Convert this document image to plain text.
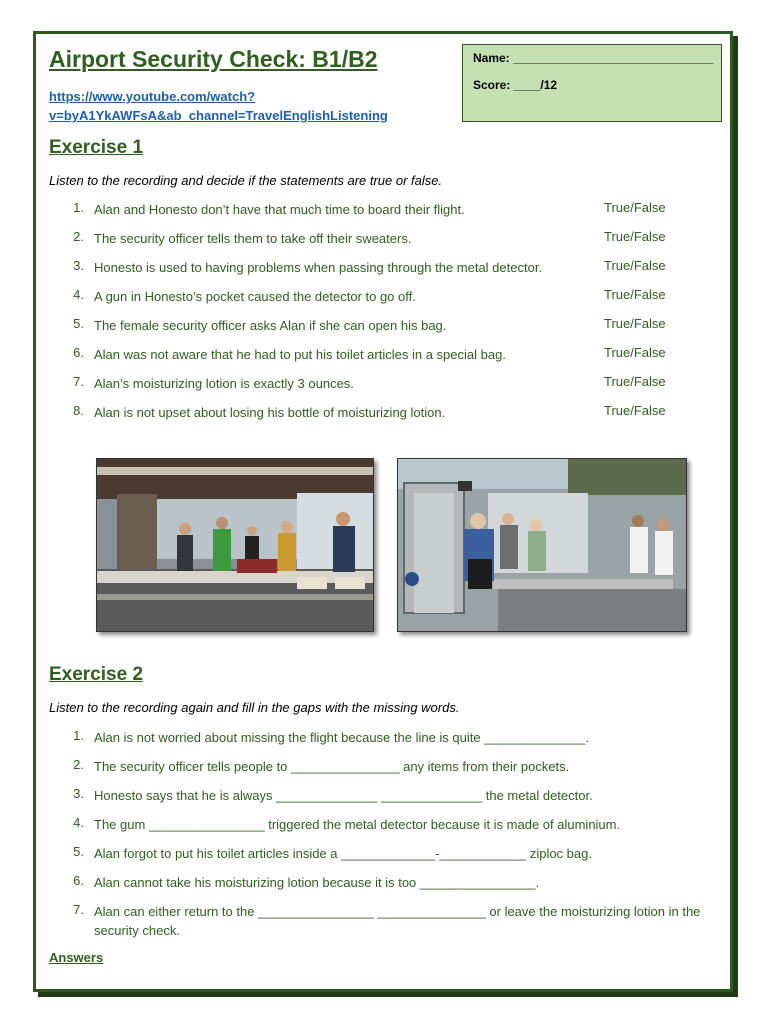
Airport Security Check: B1/B2
https://www.youtube.com/watch?
v=byA1YkAWFsA&ab_channel=TravelEnglishListening
Name: ______________________________
Score: ____/12
Exercise 1
Listen to the recording and decide if the statements are true or false.
1. Alan and Honesto don’t have that much time to board their flight.	True/False
2. The security officer tells them to take off their sweaters.	True/False
3. Honesto is used to having problems when passing through the metal detector.	True/False
4. A gun in Honesto’s pocket caused the detector to go off.	True/False
5. The female security officer asks Alan if she can open his bag.	True/False
6. Alan was not aware that he had to put his toilet articles in a special bag.	True/False
7. Alan’s moisturizing lotion is exactly 3 ounces.	True/False
8. Alan is not upset about losing his bottle of moisturizing lotion.	True/False
Exercise 2
Listen to the recording again and fill in the gaps with the missing words.
1. Alan is not worried about missing the flight because the line is quite ______________.
2. The security officer tells people to _______________ any items from their pockets.
3. Honesto says that he is always ______________ ______________ the metal detector.
4. The gum ________________ triggered the metal detector because it is made of aluminium.
5. Alan forgot to put his toilet articles inside a _____________-____________ ziploc bag.
6. Alan cannot take his moisturizing lotion because it is too ________________.
7. Alan can either return to the ________________ _______________ or leave the moisturizing lotion in the security check.
Answers
